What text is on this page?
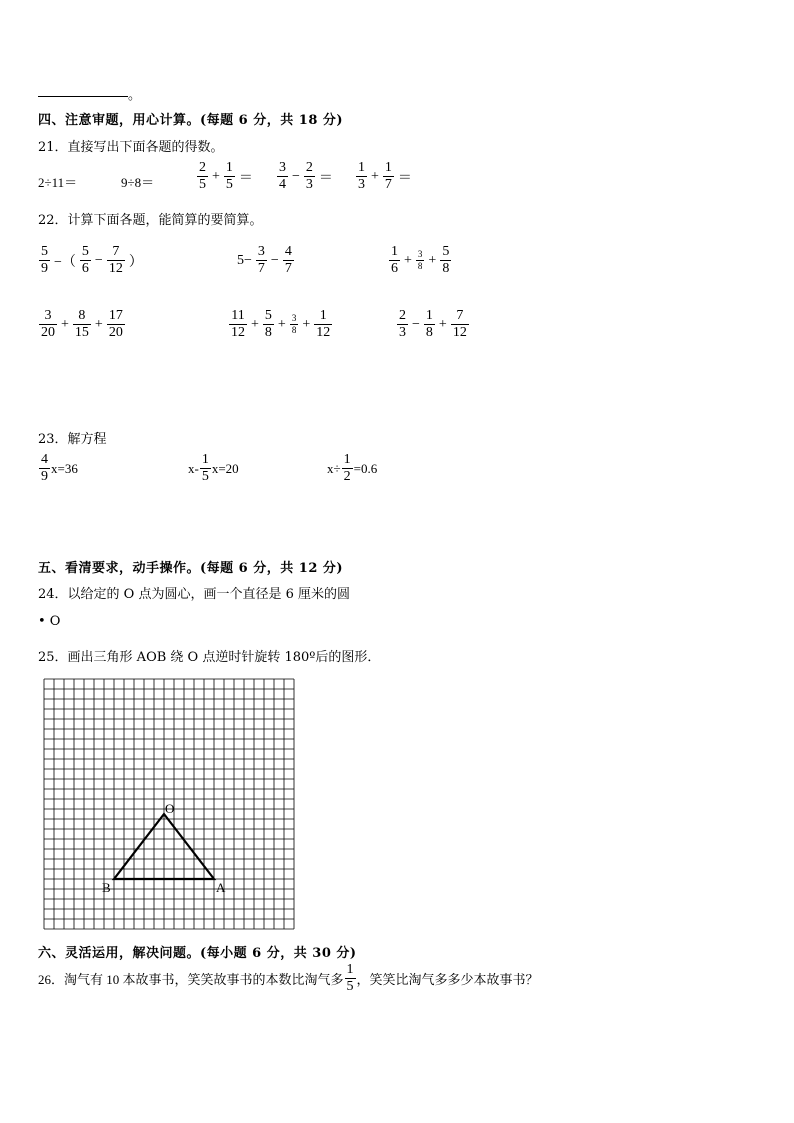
。
四、注意审题，用心计算。(每题 6 分，共 18 分)
21．直接写出下面各题的得数。
2÷11＝	9÷8＝	$\frac{2}{5} + \frac{1}{5} = \frac{3}{4} - \frac{2}{3} = \frac{1}{3} + \frac{1}{7}$ ＝
22．计算下面各题，能简算的要简算。
$\frac{5}{9}$ −（ $\frac{5}{6} - \frac{7}{12}$ ）	$5- \frac{3}{7} - \frac{4}{7}$	$\frac{1}{6} + \frac{3}{8} + \frac{5}{8}$
$\frac{3}{20} + \frac{8}{15} + \frac{17}{20}$	$\frac{11}{12} + \frac{5}{8} + \frac{3}{8} + \frac{1}{12}$	$\frac{2}{3} - \frac{1}{8} + \frac{7}{12}$
23．解方程
$\frac{4}{9} x=36$	$x- \frac{1}{5} x=20$	$x\div \frac{1}{2} =0.6$
五、看清要求，动手操作。(每题 6 分，共 12 分)
24．以给定的 O 点为圆心，画一个直径是 6 厘米的圆
• O
25．画出三角形 AOB 绕 O 点逆时针旋转 180º后的图形．
O
A
B
六、灵活运用，解决问题。(每小题 6 分，共 30 分)
26．淘气有 10 本故事书，笑笑故事书的本数比淘气多 $\frac{1}{5}$ ，笑笑比淘气多多少本故事书？
